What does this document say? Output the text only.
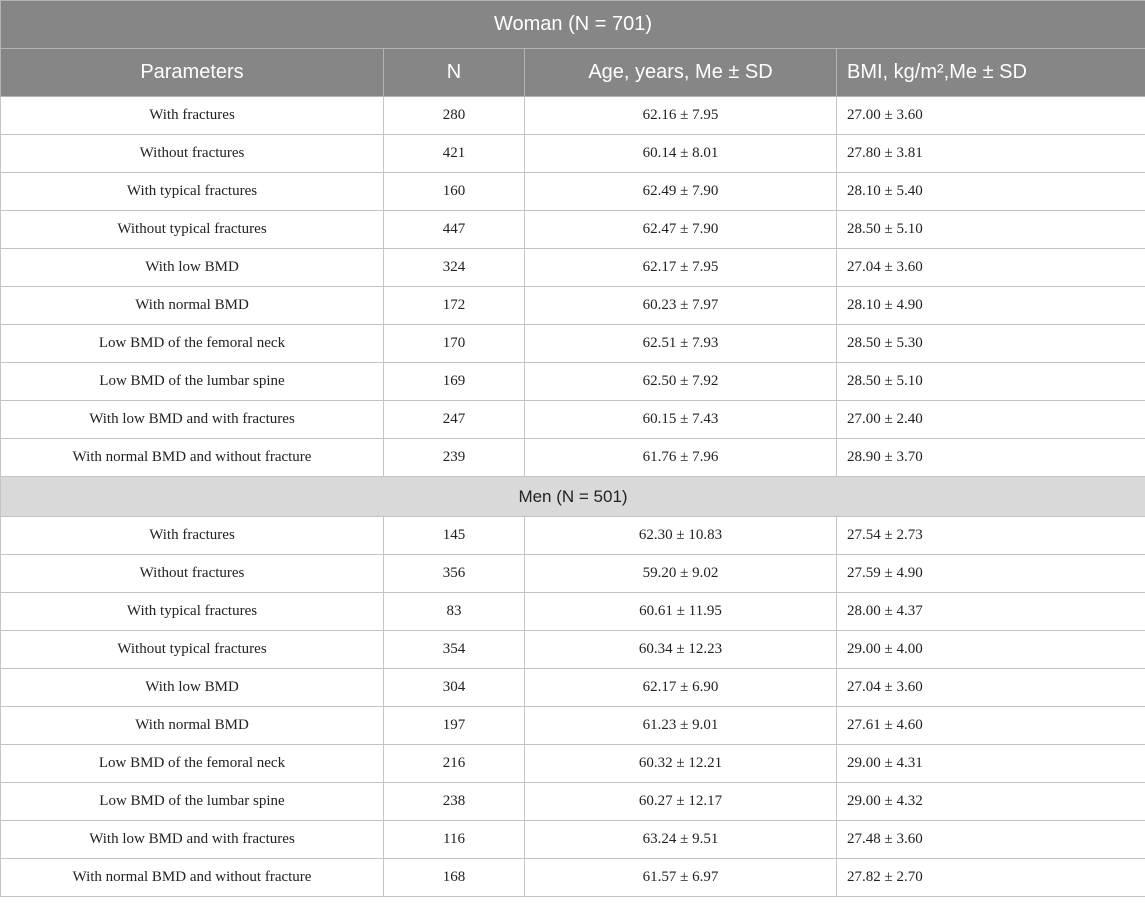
Woman (N = 701)			
Parameters	N	Age, years, Me ± SD	BMI, kg/m²,Me ± SD
With fractures	280	62.16 ± 7.95	27.00 ± 3.60
Without fractures	421	60.14 ± 8.01	27.80 ± 3.81
With typical fractures	160	62.49 ± 7.90	28.10 ± 5.40
Without typical fractures	447	62.47 ± 7.90	28.50 ± 5.10
With low BMD	324	62.17 ± 7.95	27.04 ± 3.60
With normal BMD	172	60.23 ± 7.97	28.10 ± 4.90
Low BMD of the femoral neck	170	62.51 ± 7.93	28.50 ± 5.30
Low BMD of the lumbar spine	169	62.50 ± 7.92	28.50 ± 5.10
With low BMD and with fractures	247	60.15 ± 7.43	27.00 ± 2.40
With normal BMD and without fracture	239	61.76 ± 7.96	28.90 ± 3.70
Men (N = 501)			
With fractures	145	62.30 ± 10.83	27.54 ± 2.73
Without fractures	356	59.20 ± 9.02	27.59 ± 4.90
With typical fractures	83	60.61 ± 11.95	28.00 ± 4.37
Without typical fractures	354	60.34 ± 12.23	29.00 ± 4.00
With low BMD	304	62.17 ± 6.90	27.04 ± 3.60
With normal BMD	197	61.23 ± 9.01	27.61 ± 4.60
Low BMD of the femoral neck	216	60.32 ± 12.21	29.00 ± 4.31
Low BMD of the lumbar spine	238	60.27 ± 12.17	29.00 ± 4.32
With low BMD and with fractures	116	63.24 ± 9.51	27.48 ± 3.60
With normal BMD and without fracture	168	61.57 ± 6.97	27.82 ± 2.70
